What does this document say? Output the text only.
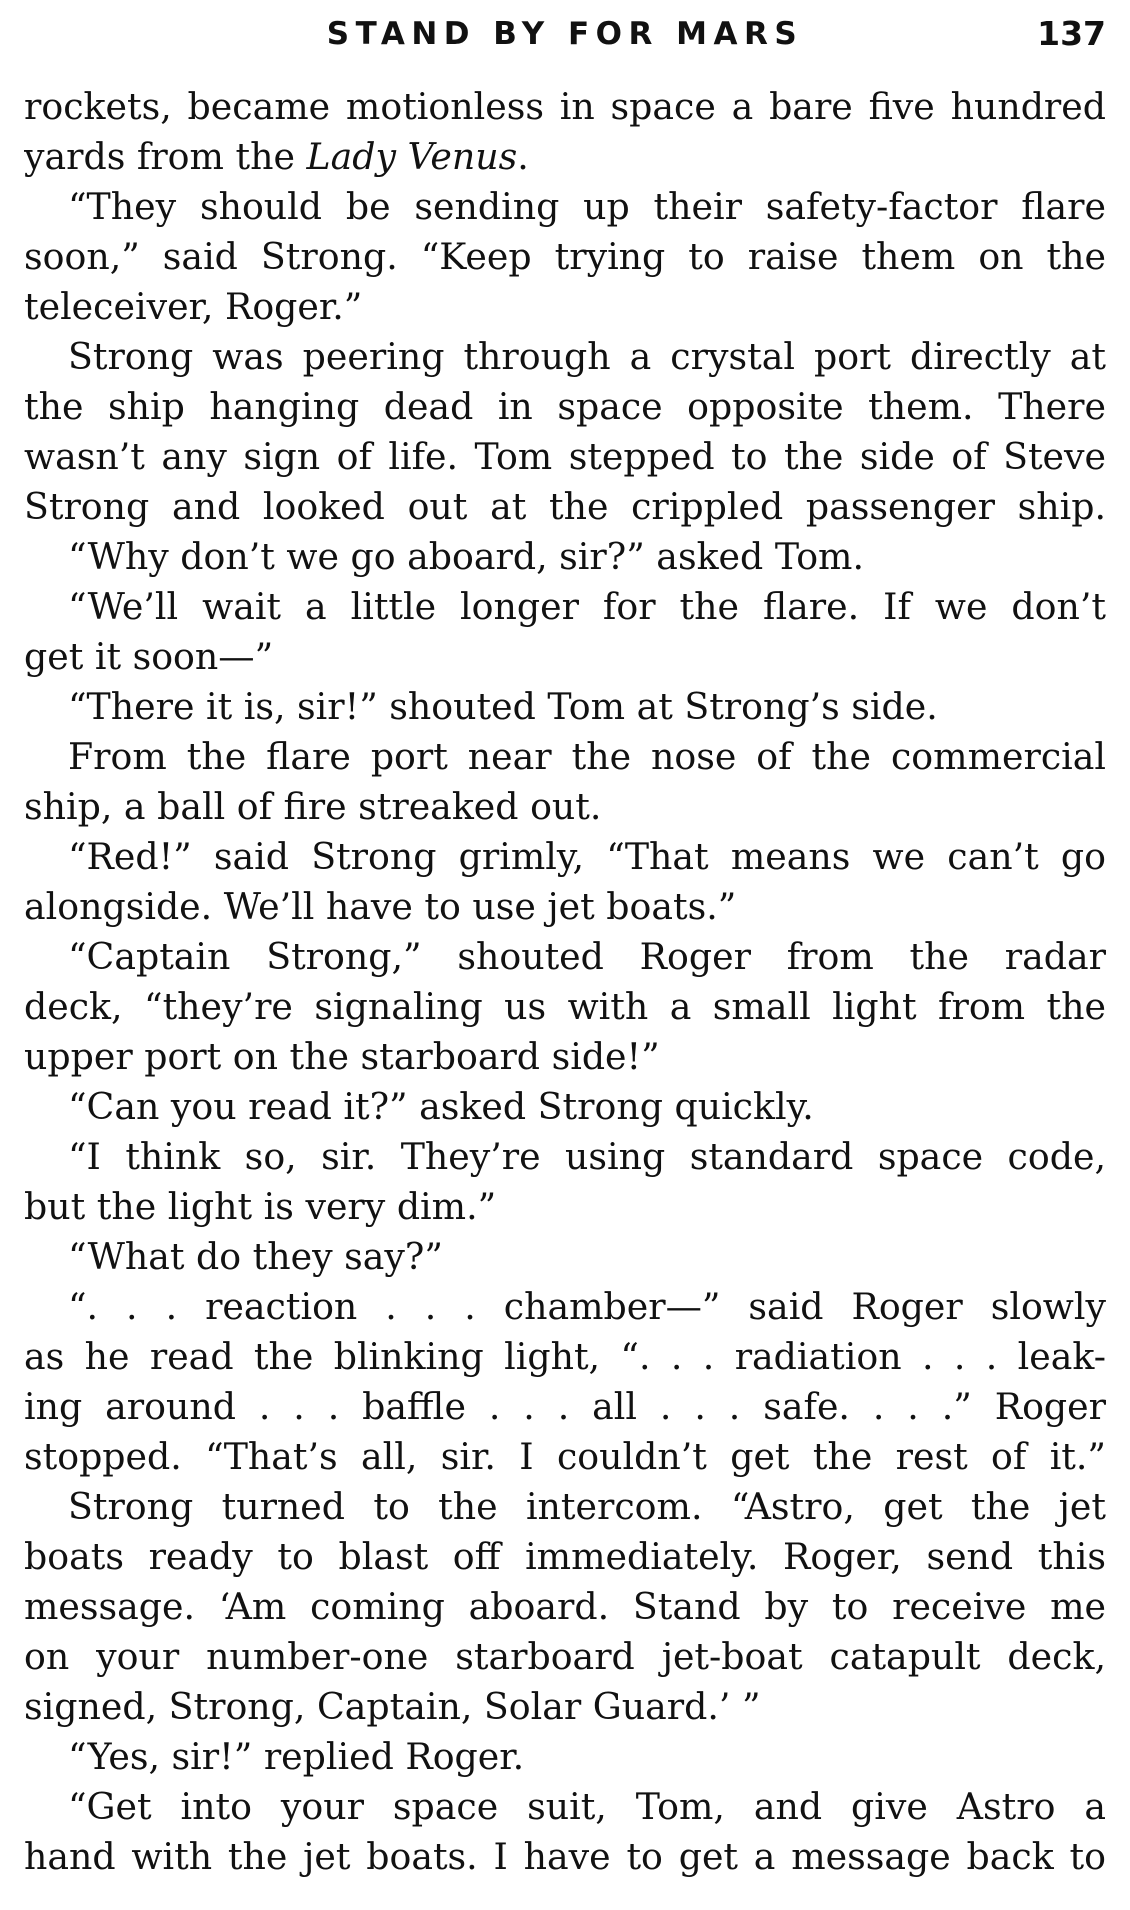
STAND BY FOR MARS	137
rockets, became motionless in space a bare five hundred
yards from the Lady Venus.
“They should be sending up their safety-factor flare
soon,” said Strong. “Keep trying to raise them on the
teleceiver, Roger.”
Strong was peering through a crystal port directly at
the ship hanging dead in space opposite them. There
wasn’t any sign of life. Tom stepped to the side of Steve
Strong and looked out at the crippled passenger ship.
“Why don’t we go aboard, sir?” asked Tom.
“We’ll wait a little longer for the flare. If we don’t
get it soon—”
“There it is, sir!” shouted Tom at Strong’s side.
From the flare port near the nose of the commercial
ship, a ball of fire streaked out.
“Red!” said Strong grimly, “That means we can’t go
alongside. We’ll have to use jet boats.”
“Captain Strong,” shouted Roger from the radar
deck, “they’re signaling us with a small light from the
upper port on the starboard side!”
“Can you read it?” asked Strong quickly.
“I think so, sir. They’re using standard space code,
but the light is very dim.”
“What do they say?”
“. . . reaction . . . chamber—” said Roger slowly
as he read the blinking light, “. . . radiation . . . leak-
ing around . . . baffle . . . all . . . safe. . . .” Roger
stopped. “That’s all, sir. I couldn’t get the rest of it.”
Strong turned to the intercom. “Astro, get the jet
boats ready to blast off immediately. Roger, send this
message. ‘Am coming aboard. Stand by to receive me
on your number-one starboard jet-boat catapult deck,
signed, Strong, Captain, Solar Guard.’ ”
“Yes, sir!” replied Roger.
“Get into your space suit, Tom, and give Astro a
hand with the jet boats. I have to get a message back to
